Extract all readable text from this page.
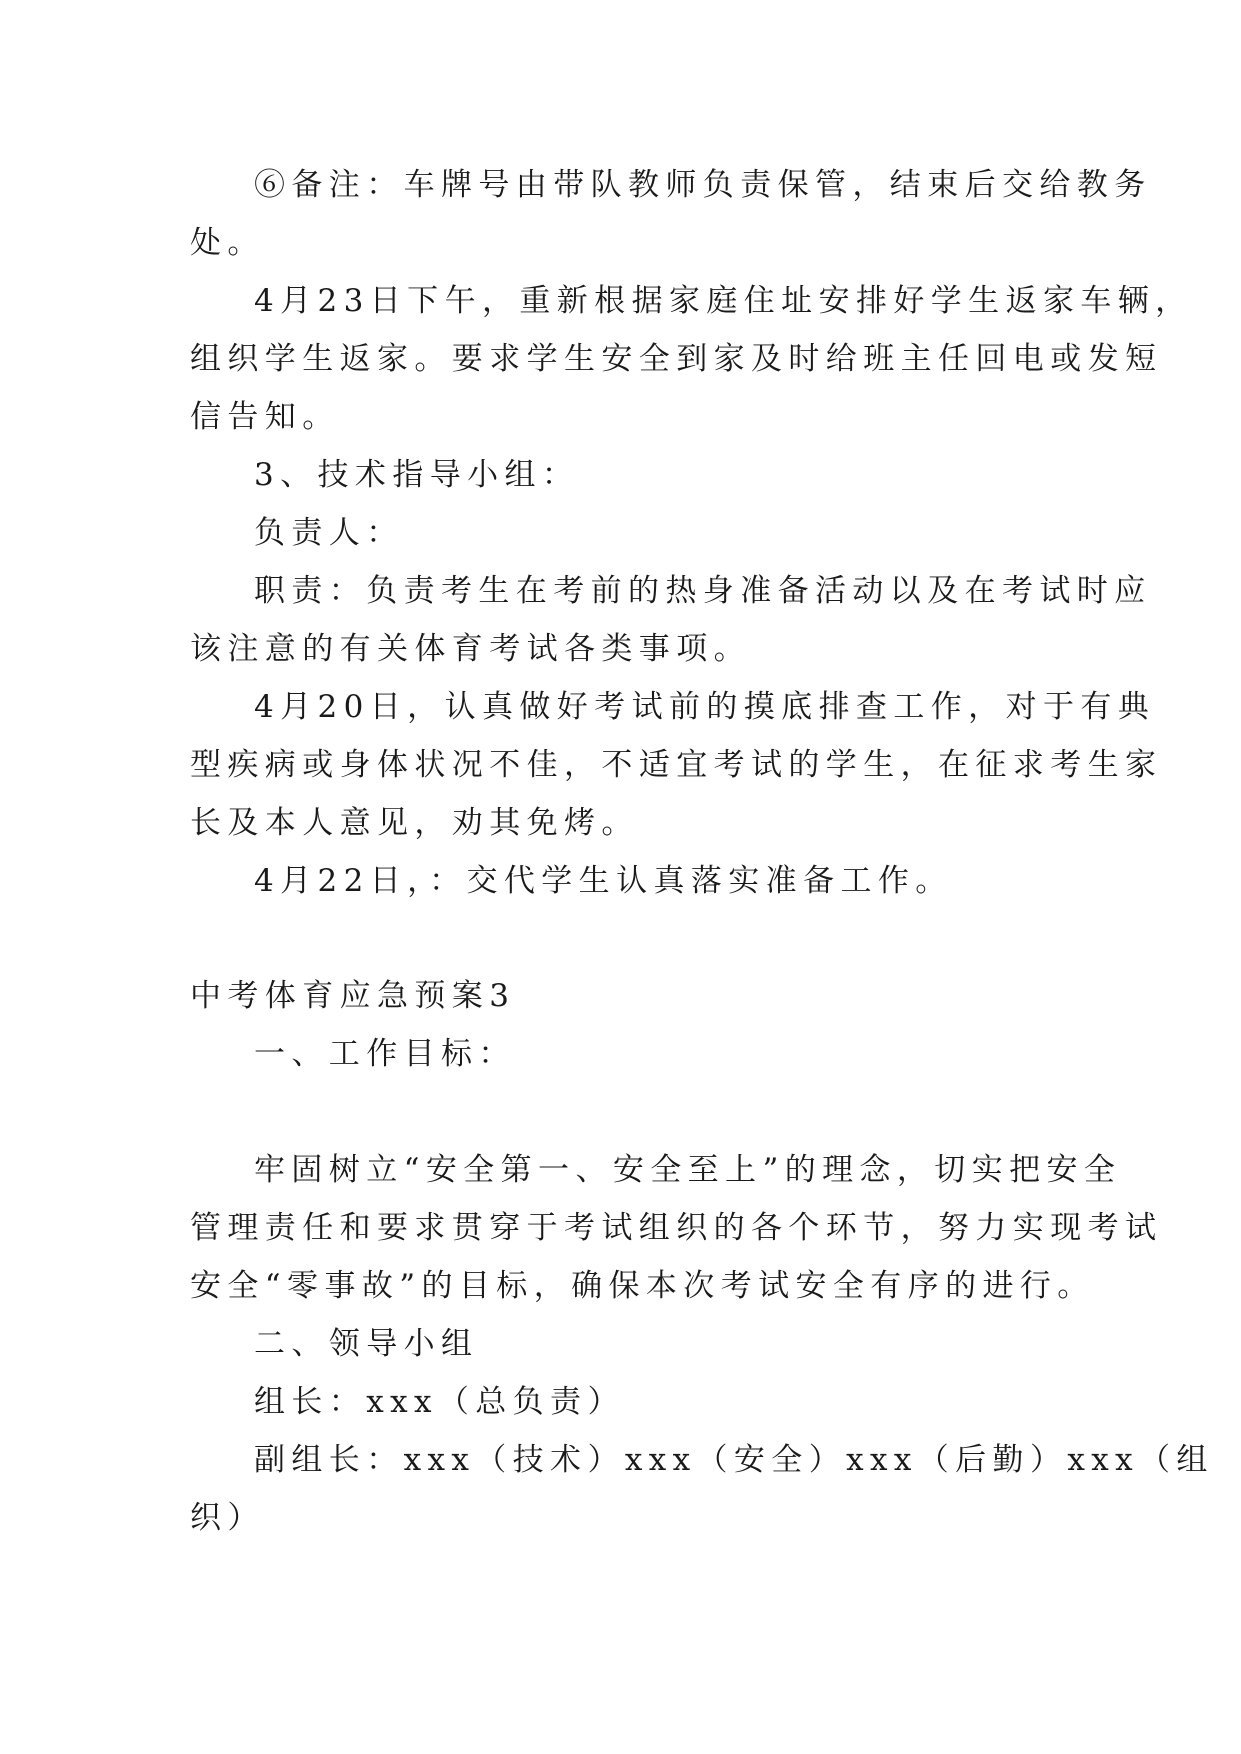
⑥备注：车牌号由带队教师负责保管，结束后交给教务
处。
4月23日下午，重新根据家庭住址安排好学生返家车辆，
组织学生返家。要求学生安全到家及时给班主任回电或发短
信告知。
3、技术指导小组：
负责人：
职责：负责考生在考前的热身准备活动以及在考试时应
该注意的有关体育考试各类事项。
4月20日，认真做好考试前的摸底排查工作，对于有典
型疾病或身体状况不佳，不适宜考试的学生，在征求考生家
长及本人意见，劝其免烤。
4月22日，：交代学生认真落实准备工作。
中考体育应急预案3
一、工作目标：
牢固树立“安全第一、安全至上”的理念，切实把安全
管理责任和要求贯穿于考试组织的各个环节，努力实现考试
安全“零事故”的目标，确保本次考试安全有序的进行。
二、领导小组
组长：xxx（总负责）
副组长：xxx（技术）xxx（安全）xxx（后勤）xxx（组
织）
